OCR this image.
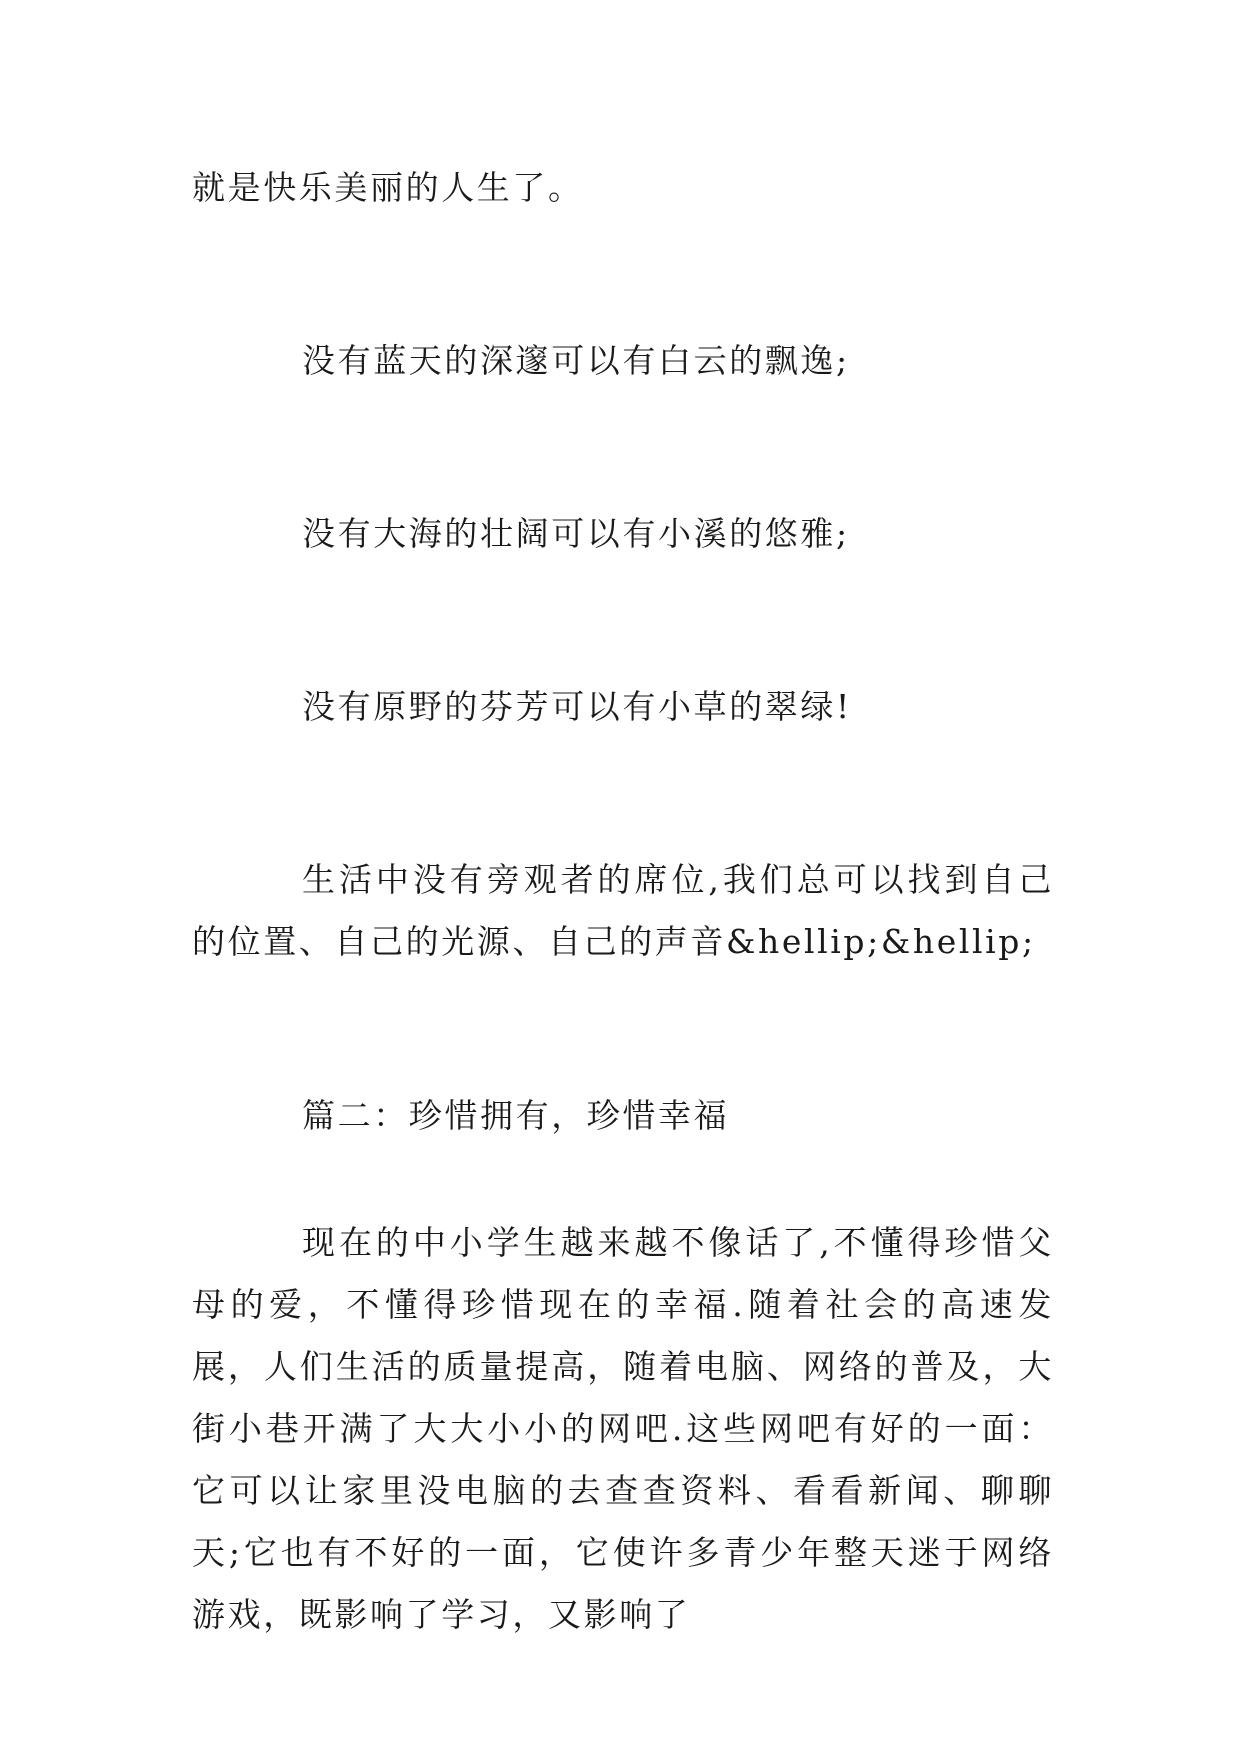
就是快乐美丽的人生了。

没有蓝天的深邃可以有白云的飘逸;

没有大海的壮阔可以有小溪的悠雅;

没有原野的芬芳可以有小草的翠绿!

生活中没有旁观者的席位,我们总可以找到自己的位置、自己的光源、自己的声音&hellip;&hellip;

篇二：珍惜拥有，珍惜幸福

现在的中小学生越来越不像话了,不懂得珍惜父母的爱，不懂得珍惜现在的幸福.随着社会的高速发展，人们生活的质量提高，随着电脑、网络的普及，大街小巷开满了大大小小的网吧.这些网吧有好的一面：它可以让家里没电脑的去查查资料、看看新闻、聊聊天;它也有不好的一面，它使许多青少年整天迷于网络游戏，既影响了学习，又影响了
